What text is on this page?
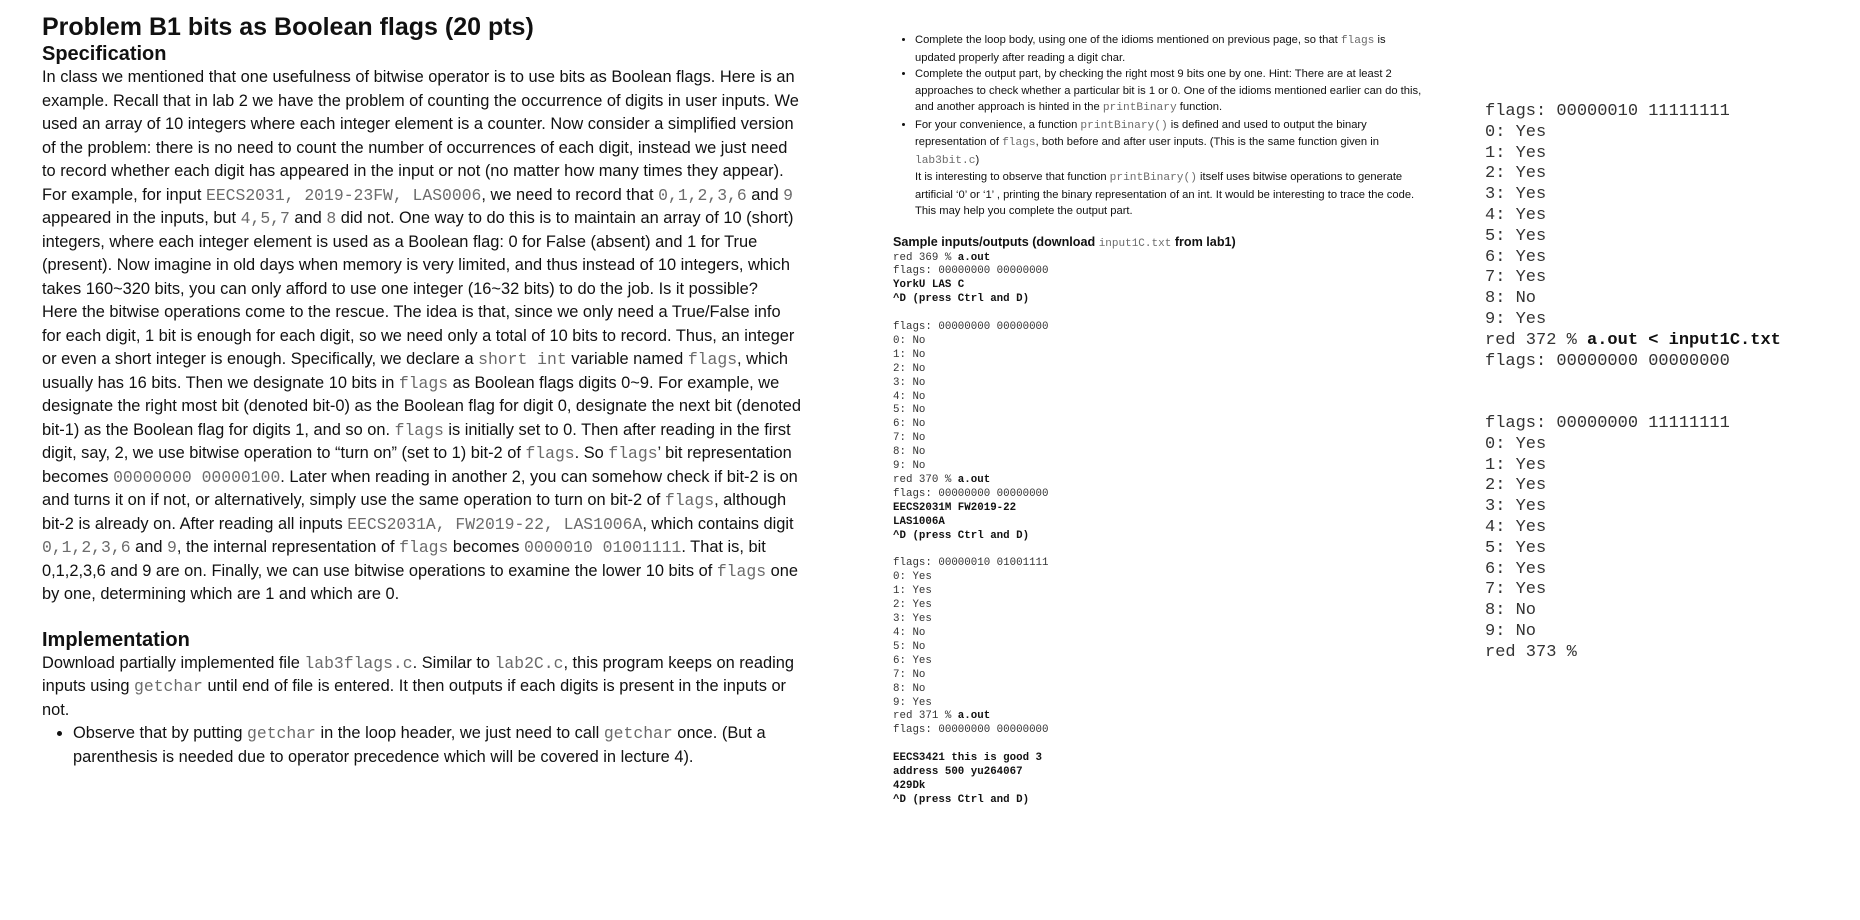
Problem B1 bits as Boolean flags (20 pts)
Specification

In class we mentioned that one usefulness of bitwise operator is to use bits as Boolean flags. Here is an example. Recall that in lab 2 we have the problem of counting the occurrence of digits in user inputs. We used an array of 10 integers where each integer element is a counter. Now consider a simplified version of the problem: there is no need to count the number of occurrences of each digit, instead we just need to record whether each digit has appeared in the input or not (no matter how many times they appear). For example, for input EECS2031, 2019-23FW, LAS0006, we need to record that 0,1,2,3,6 and 9 appeared in the inputs, but 4,5,7 and 8 did not. One way to do this is to maintain an array of 10 (short) integers, where each integer element is used as a Boolean flag: 0 for False (absent) and 1 for True (present). Now imagine in old days when memory is very limited, and thus instead of 10 integers, which takes 160~320 bits, you can only afford to use one integer (16~32 bits) to do the job. Is it possible?

Here the bitwise operations come to the rescue. The idea is that, since we only need a True/False info for each digit, 1 bit is enough for each digit, so we need only a total of 10 bits to record. Thus, an integer or even a short integer is enough. Specifically, we declare a short int variable named flags, which usually has 16 bits. Then we designate 10 bits in flags as Boolean flags digits 0~9. For example, we designate the right most bit (denoted bit-0) as the Boolean flag for digit 0, designate the next bit (denoted bit-1) as the Boolean flag for digits 1, and so on. flags is initially set to 0. Then after reading in the first digit, say, 2, we use bitwise operation to “turn on” (set to 1) bit-2 of flags. So flags’ bit representation becomes 00000000 00000100. Later when reading in another 2, you can somehow check if bit-2 is on and turns it on if not, or alternatively, simply use the same operation to turn on bit-2 of flags, although bit-2 is already on. After reading all inputs EECS2031A, FW2019-22, LAS1006A, which contains digit 0,1,2,3,6 and 9, the internal representation of flags becomes 0000010 01001111. That is, bit 0,1,2,3,6 and 9 are on. Finally, we can use bitwise operations to examine the lower 10 bits of flags one by one, determining which are 1 and which are 0.

Implementation

Download partially implemented file lab3flags.c. Similar to lab2C.c, this program keeps on reading inputs using getchar until end of file is entered. It then outputs if each digits is present in the inputs or not.

• Observe that by putting getchar in the loop header, we just need to call getchar once. (But a parenthesis is needed due to operator precedence which will be covered in lecture 4).
• Complete the loop body, using one of the idioms mentioned on previous page, so that flags is updated properly after reading a digit char.
• Complete the output part, by checking the right most 9 bits one by one. Hint: There are at least 2 approaches to check whether a particular bit is 1 or 0. One of the idioms mentioned earlier can do this, and another approach is hinted in the printBinary function.
• For your convenience, a function printBinary() is defined and used to output the binary representation of flags, both before and after user inputs. (This is the same function given in lab3bit.c)
It is interesting to observe that function printBinary() itself uses bitwise operations to generate artificial ‘0’ or ‘1’ , printing the binary representation of an int. It would be interesting to trace the code. This may help you complete the output part.
Sample inputs/outputs (download input1C.txt from lab1)
red 369 % a.out
flags: 00000000 00000000
YorkU LAS C
^D (press Ctrl and D)

flags: 00000000 00000000
0: No
1: No
2: No
3: No
4: No
5: No
6: No
7: No
8: No
9: No
red 370 % a.out
flags: 00000000 00000000
EECS2031M FW2019-22
LAS1006A
^D (press Ctrl and D)

flags: 00000010 01001111
0: Yes
1: Yes
2: Yes
3: Yes
4: No
5: No
6: Yes
7: No
8: No
9: Yes
red 371 % a.out
flags: 00000000 00000000

EECS3421 this is good 3
address 500 yu264067
429Dk
^D (press Ctrl and D)
flags: 00000010 11111111
0: Yes
1: Yes
2: Yes
3: Yes
4: Yes
5: Yes
6: Yes
7: Yes
8: No
9: Yes
red 372 % a.out < input1C.txt
flags: 00000000 00000000

flags: 00000000 11111111
0: Yes
1: Yes
2: Yes
3: Yes
4: Yes
5: Yes
6: Yes
7: Yes
8: No
9: No
red 373 %
